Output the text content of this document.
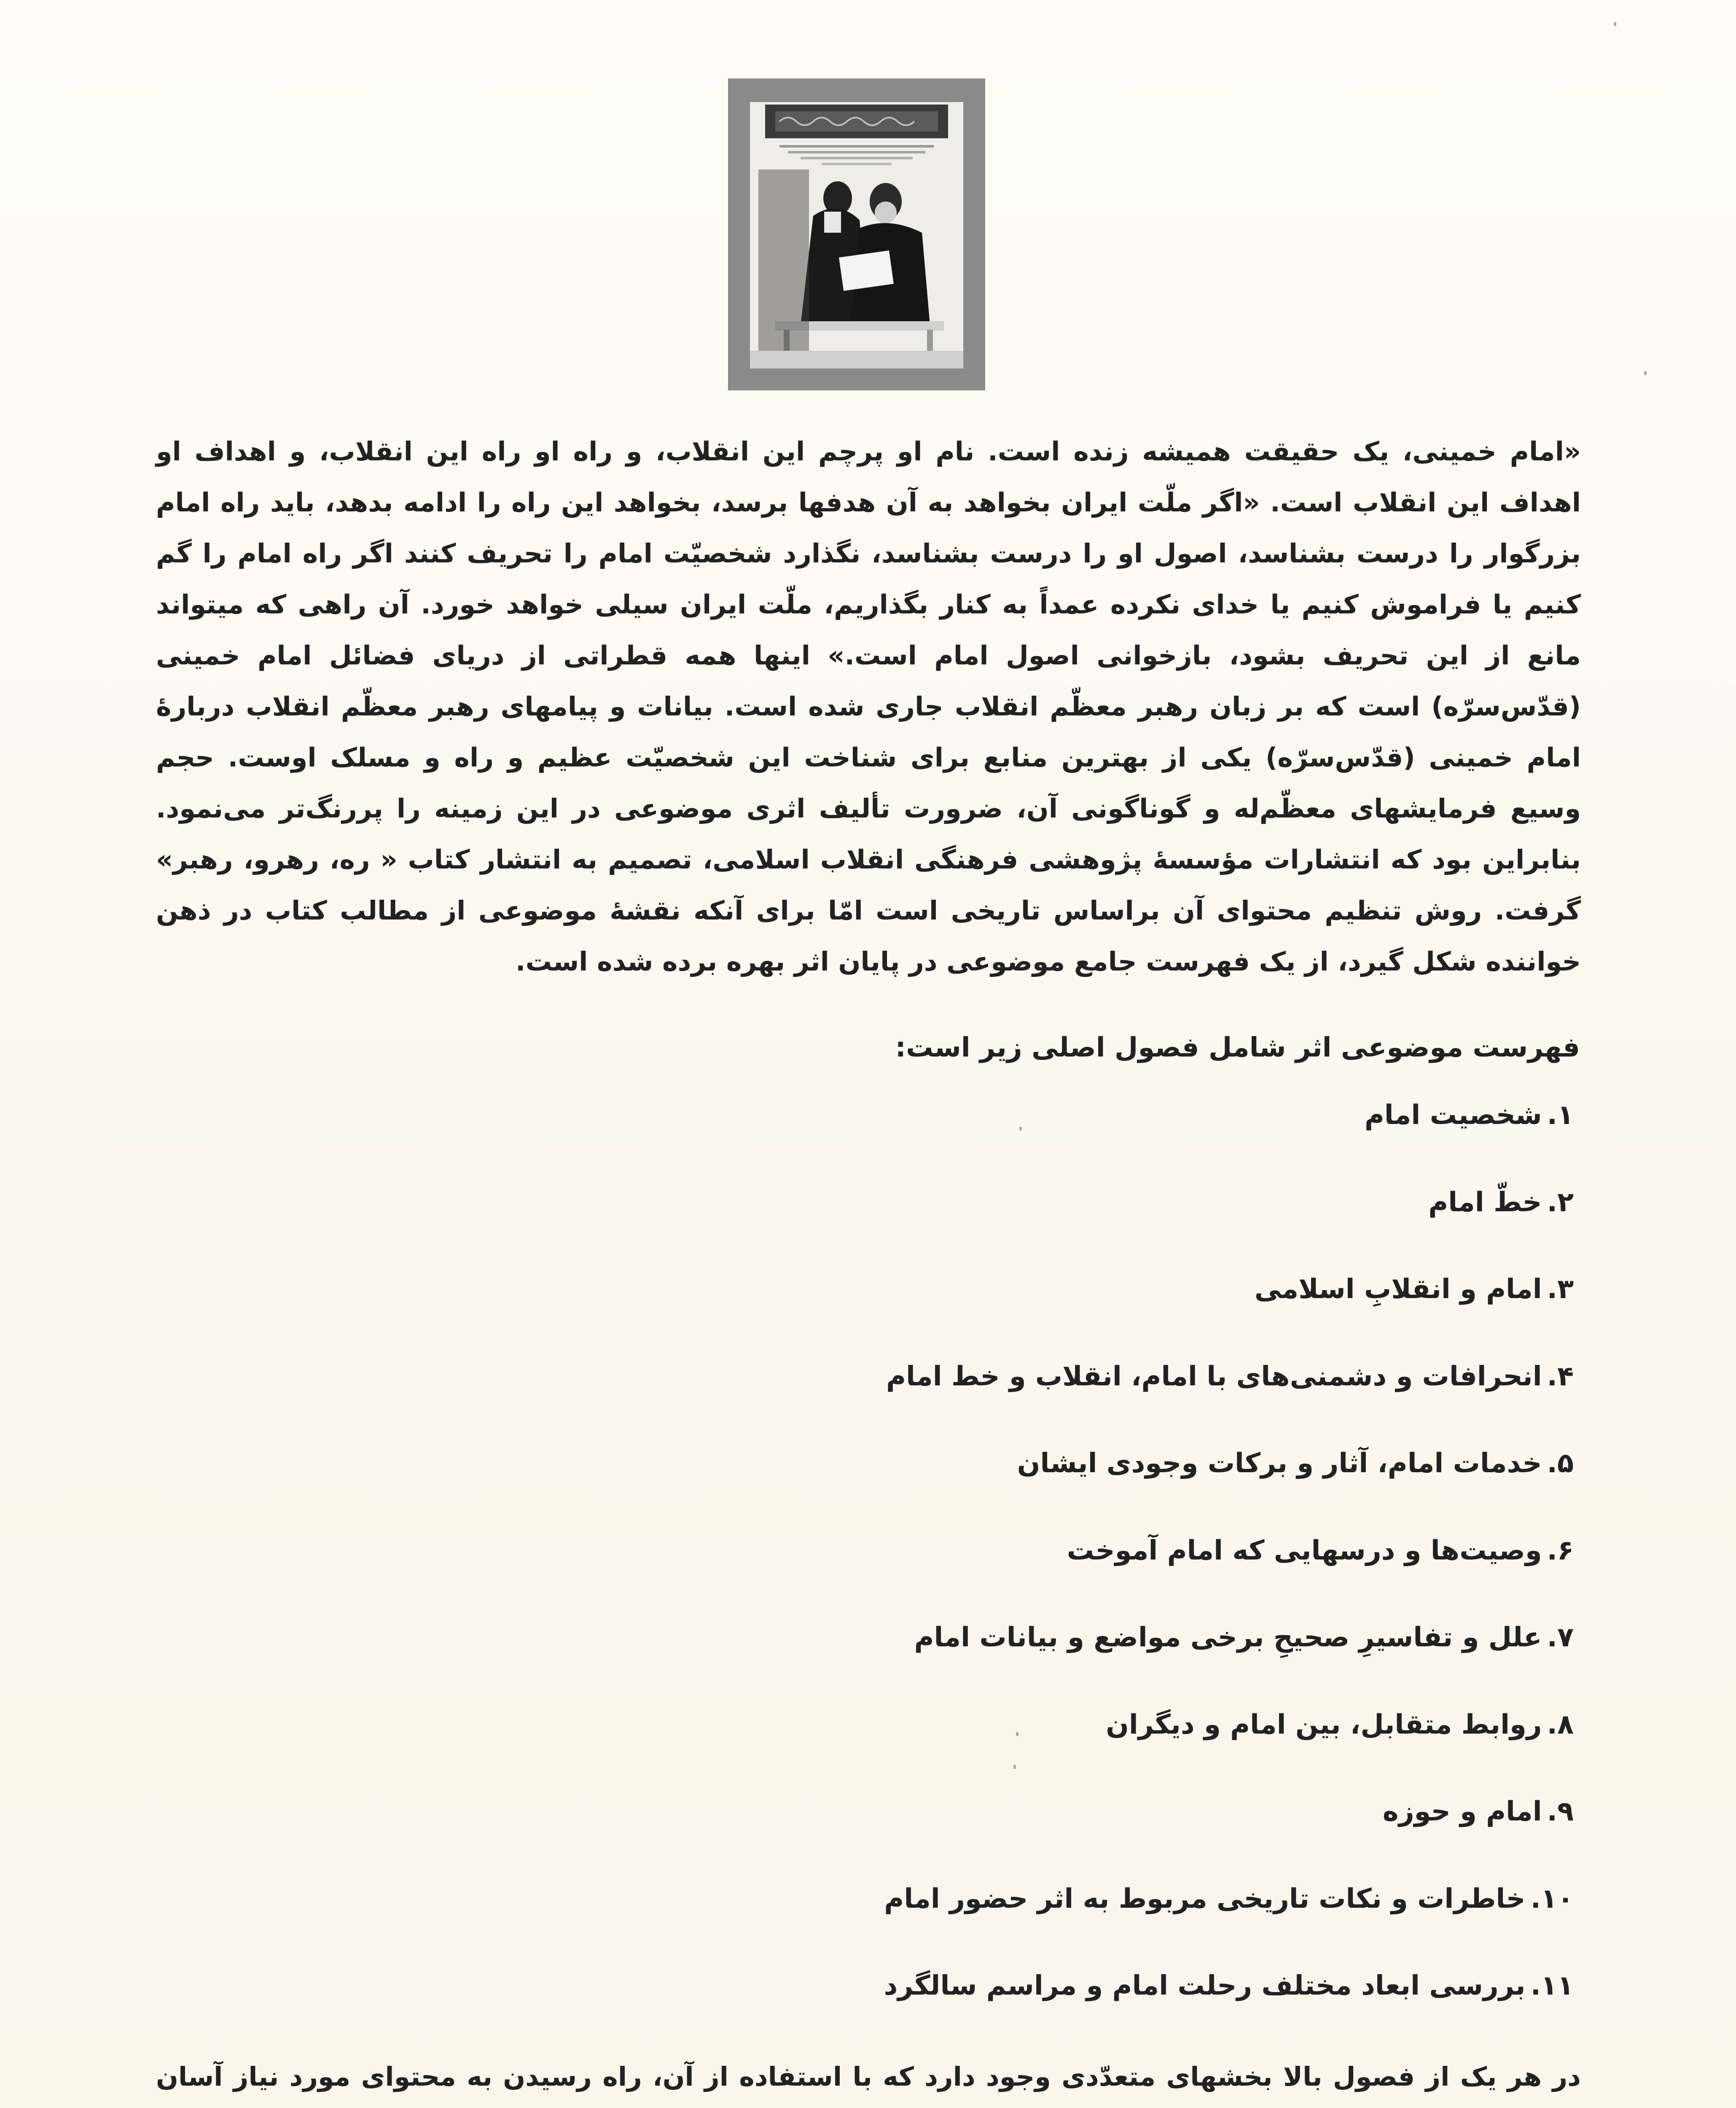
«امام خمینی، یک حقیقت همیشه زنده است. نام او پرچم این انقلاب، و راه او راه این انقلاب، و اهداف او اهداف این انقلاب است. «اگر ملّت ایران بخواهد به آن هدفها برسد، بخواهد این راه را ادامه بدهد، باید راه امام بزرگوار را درست بشناسد، اصول او را درست بشناسد، نگذارد شخصیّت امام را تحریف کنند اگر راه امام را گم کنیم یا فراموش کنیم یا خدای نکرده عمداً به کنار بگذاریم، ملّت ایران سیلی خواهد خورد. آن راهی که میتواند مانع از این تحریف بشود، بازخوانی اصول امام است.» اینها همه قطراتی از دریای فضائل امام خمینی (قدّس‌سرّه) است که بر زبان رهبر معظّم انقلاب جاری شده است. بیانات و پیامهای رهبر معظّم انقلاب دربارهٔ امام خمینی (قدّس‌سرّه) یکی از بهترین منابع برای شناخت این شخصیّت عظیم و راه و مسلک اوست. حجم وسیع فرمایشهای معظّم‌له و گوناگونی آن، ضرورت تألیف اثری موضوعی در این زمینه را پررنگ‌تر می‌نمود. بنابراین بود که انتشارات مؤسسهٔ پژوهشی فرهنگی انقلاب اسلامی، تصمیم به انتشار کتاب « ره، رهرو، رهبر» گرفت. روش تنظیم محتوای آن براساس تاریخی است امّا برای آنکه نقشهٔ موضوعی از مطالب کتاب در ذهن خواننده شکل گیرد، از یک فهرست جامع موضوعی در پایان اثر بهره برده شده است.
فهرست موضوعی اثر شامل فصول اصلی زیر است:
۱.شخصیت امام
۲.خطّ امام
۳.امام و انقلابِ اسلامی
۴.انحرافات و دشمنی‌های با امام، انقلاب و خط امام
۵.خدمات امام، آثار و برکات وجودی ایشان
۶.وصیت‌ها و درسهایی که امام آموخت
۷.علل و تفاسیرِ صحیحِ برخی مواضع و بیانات امام
۸.روابط متقابل، بین امام و دیگران
۹.امام و حوزه
۱۰.خاطرات و نکات تاریخی مربوط به اثر حضور امام
۱۱.بررسی ابعاد مختلف رحلت امام و مراسم سالگرد
در هر یک از فصول بالا بخشهای متعدّدی وجود دارد که با استفاده از آن، راه رسیدن به محتوای مورد نیاز آسان
